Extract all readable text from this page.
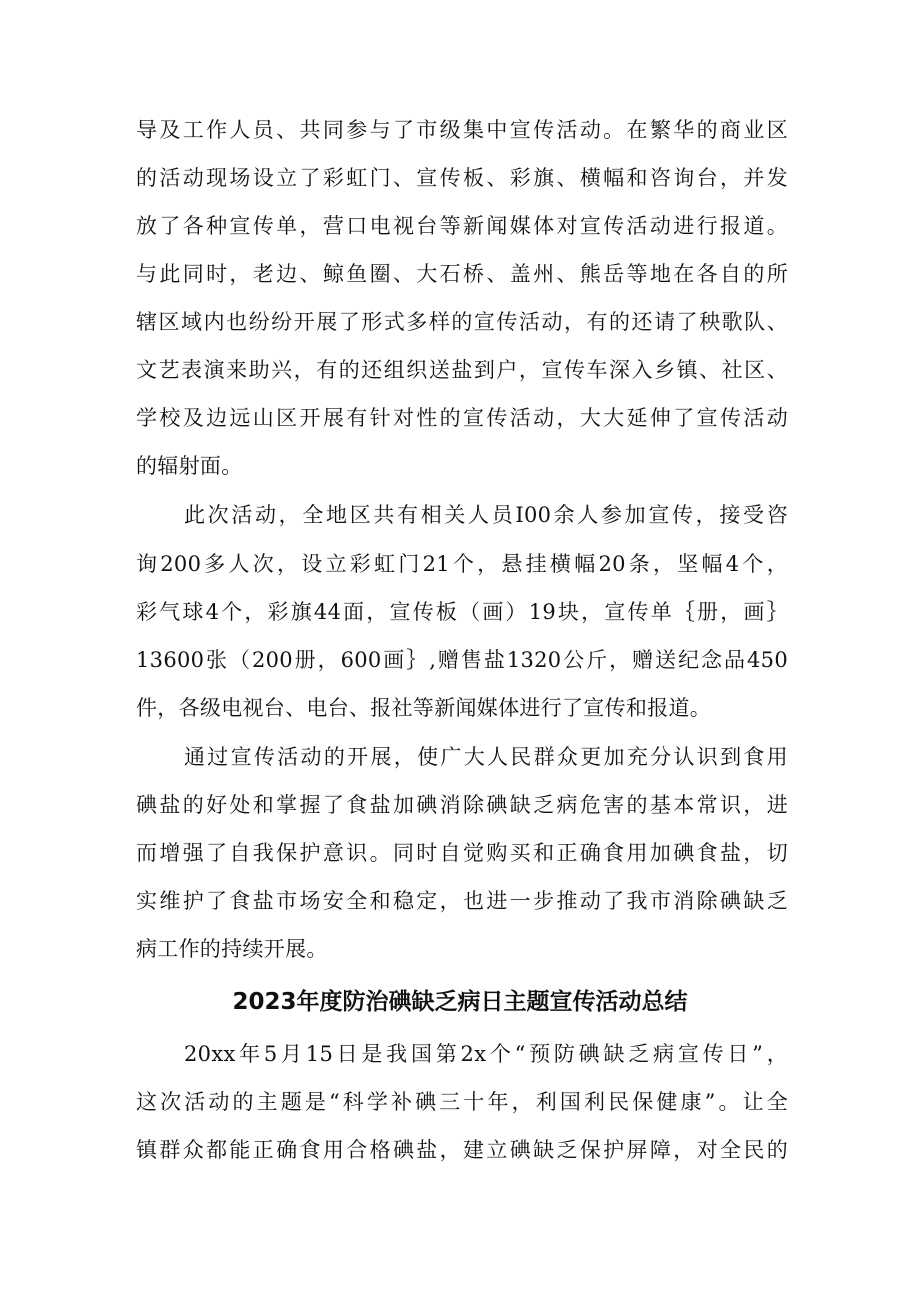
导及工作人员、共同参与了市级集中宣传活动。在繁华的商业区
的活动现场设立了彩虹门、宣传板、彩旗、横幅和咨询台，并发
放了各种宣传单，营口电视台等新闻媒体对宣传活动进行报道。
与此同时，老边、鲸鱼圈、大石桥、盖州、熊岳等地在各自的所
辖区域内也纷纷开展了形式多样的宣传活动，有的还请了秧歌队、
文艺表演来助兴，有的还组织送盐到户，宣传车深入乡镇、社区、
学校及边远山区开展有针对性的宣传活动，大大延伸了宣传活动
的辐射面。
此次活动，全地区共有相关人员I00余人参加宣传，接受咨
询200多人次，设立彩虹门21个，悬挂横幅20条，坚幅4个，
彩气球4个，彩旗44面，宣传板（画）19块，宣传单｛册，画｝
13600张（200册，600画｝,赠售盐1320公斤，赠送纪念品450
件，各级电视台、电台、报社等新闻媒体进行了宣传和报道。
通过宣传活动的开展，使广大人民群众更加充分认识到食用
碘盐的好处和掌握了食盐加碘消除碘缺乏病危害的基本常识，进
而增强了自我保护意识。同时自觉购买和正确食用加碘食盐，切
实维护了食盐市场安全和稳定，也进一步推动了我市消除碘缺乏
病工作的持续开展。
2023年度防治碘缺乏病日主题宣传活动总结
20xx年5月15日是我国第2x个“预防碘缺乏病宣传日”，
这次活动的主题是“科学补碘三十年，利国利民保健康”。让全
镇群众都能正确食用合格碘盐，建立碘缺乏保护屏障，对全民的
